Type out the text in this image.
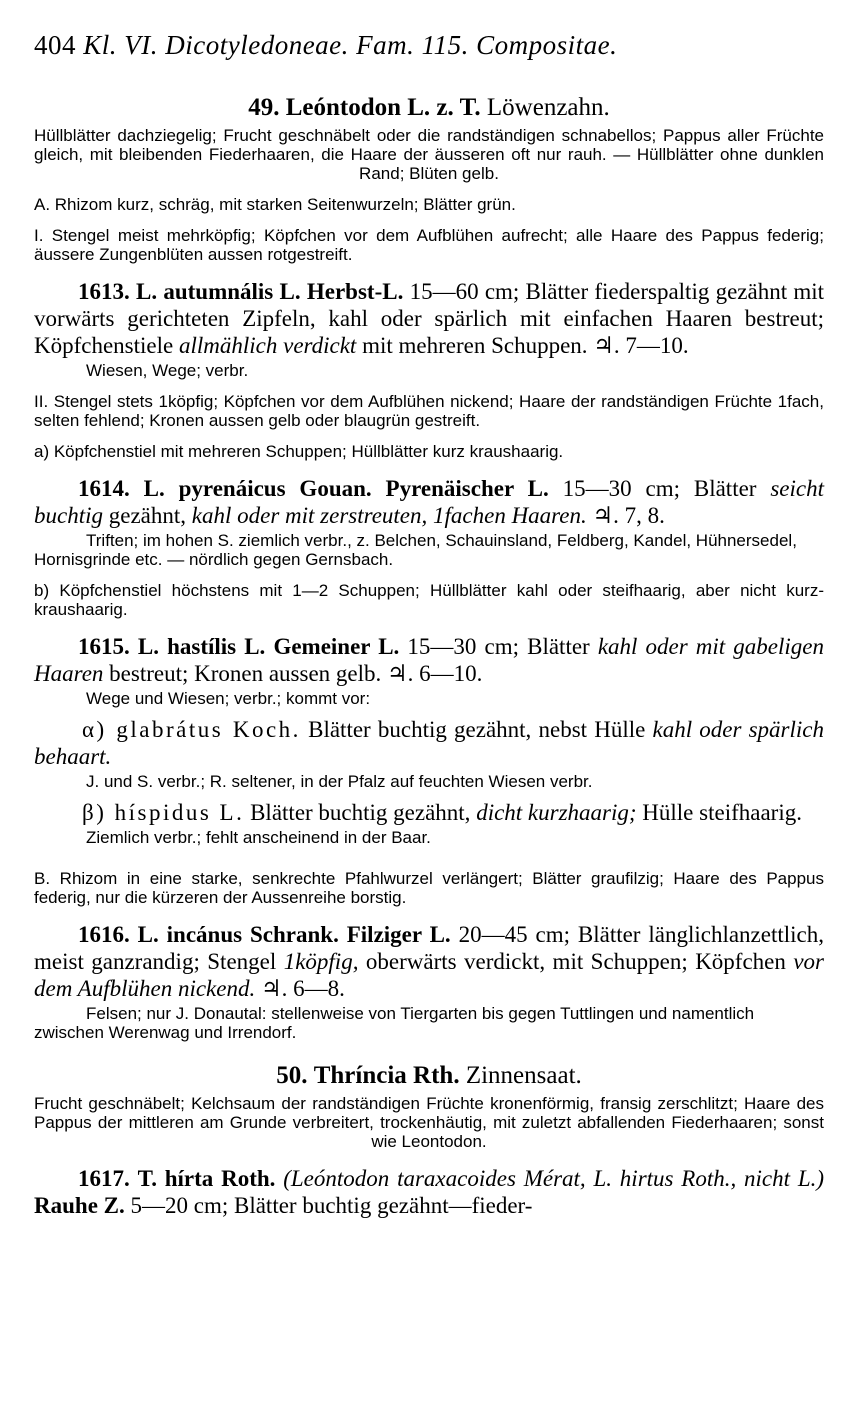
404 Kl. VI. Dicotyledoneae. Fam. 115. Compositae.
49. Leóntodon L. z. T. Löwenzahn.

Hüllblätter dachziegelig; Frucht geschnäbelt oder die randständigen schnabellos; Pappus aller Früchte gleich, mit bleibenden Fiederhaaren, die Haare der äusseren oft nur rauh. — Hüllblätter ohne dunklen Rand; Blüten gelb.

A. Rhizom kurz, schräg, mit starken Seitenwurzeln; Blätter grün.

I. Stengel meist mehrköpfig; Köpfchen vor dem Aufblühen aufrecht; alle Haare des Pappus federig; äussere Zungenblüten aussen rotgestreift.

1613. L. autumnális L. Herbst-L. 15—60 cm; Blätter fiederspaltig gezähnt mit vorwärts gerichteten Zipfeln, kahl oder spärlich mit einfachen Haaren bestreut; Köpfchenstiele allmählich verdickt mit mehreren Schuppen. ♃. 7—10.

Wiesen, Wege; verbr.

II. Stengel stets 1köpfig; Köpfchen vor dem Aufblühen nickend; Haare der randständigen Früchte 1fach, selten fehlend; Kronen aussen gelb oder blaugrün gestreift.

a) Köpfchenstiel mit mehreren Schuppen; Hüllblätter kurz kraushaarig.

1614. L. pyrenáicus Gouan. Pyrenäischer L. 15—30 cm; Blätter seicht buchtig gezähnt, kahl oder mit zerstreuten, 1fachen Haaren. ♃. 7, 8.

Triften; im hohen S. ziemlich verbr., z. Belchen, Schauinsland, Feldberg, Kandel, Hühnersedel, Hornisgrinde etc. — nördlich gegen Gernsbach.

b) Köpfchenstiel höchstens mit 1—2 Schuppen; Hüllblätter kahl oder steifhaarig, aber nicht kurz-kraushaarig.

1615. L. hastílis L. Gemeiner L. 15—30 cm; Blätter kahl oder mit gabeligen Haaren bestreut; Kronen aussen gelb. ♃. 6—10.

Wege und Wiesen; verbr.; kommt vor:

α) glabrátus Koch. Blätter buchtig gezähnt, nebst Hülle kahl oder spärlich behaart.

J. und S. verbr.; R. seltener, in der Pfalz auf feuchten Wiesen verbr.

β) híspidus L. Blätter buchtig gezähnt, dicht kurzhaarig; Hülle steifhaarig.

Ziemlich verbr.; fehlt anscheinend in der Baar.

B. Rhizom in eine starke, senkrechte Pfahlwurzel verlängert; Blätter graufilzig; Haare des Pappus federig, nur die kürzeren der Aussenreihe borstig.

1616. L. incánus Schrank. Filziger L. 20—45 cm; Blätter länglichlanzettlich, meist ganzrandig; Stengel 1köpfig, oberwärts verdickt, mit Schuppen; Köpfchen vor dem Aufblühen nickend. ♃. 6—8.

Felsen; nur J. Donautal: stellenweise von Tiergarten bis gegen Tuttlingen und namentlich zwischen Werenwag und Irrendorf.

50. Thríncia Rth. Zinnensaat.

Frucht geschnäbelt; Kelchsaum der randständigen Früchte kronenförmig, fransig zerschlitzt; Haare des Pappus der mittleren am Grunde verbreitert, trockenhäutig, mit zuletzt abfallenden Fiederhaaren; sonst wie Leontodon.

1617. T. hírta Roth. (Leóntodon taraxacoides Mérat, L. hirtus Roth., nicht L.) Rauhe Z. 5—20 cm; Blätter buchtig gezähnt—fieder-
